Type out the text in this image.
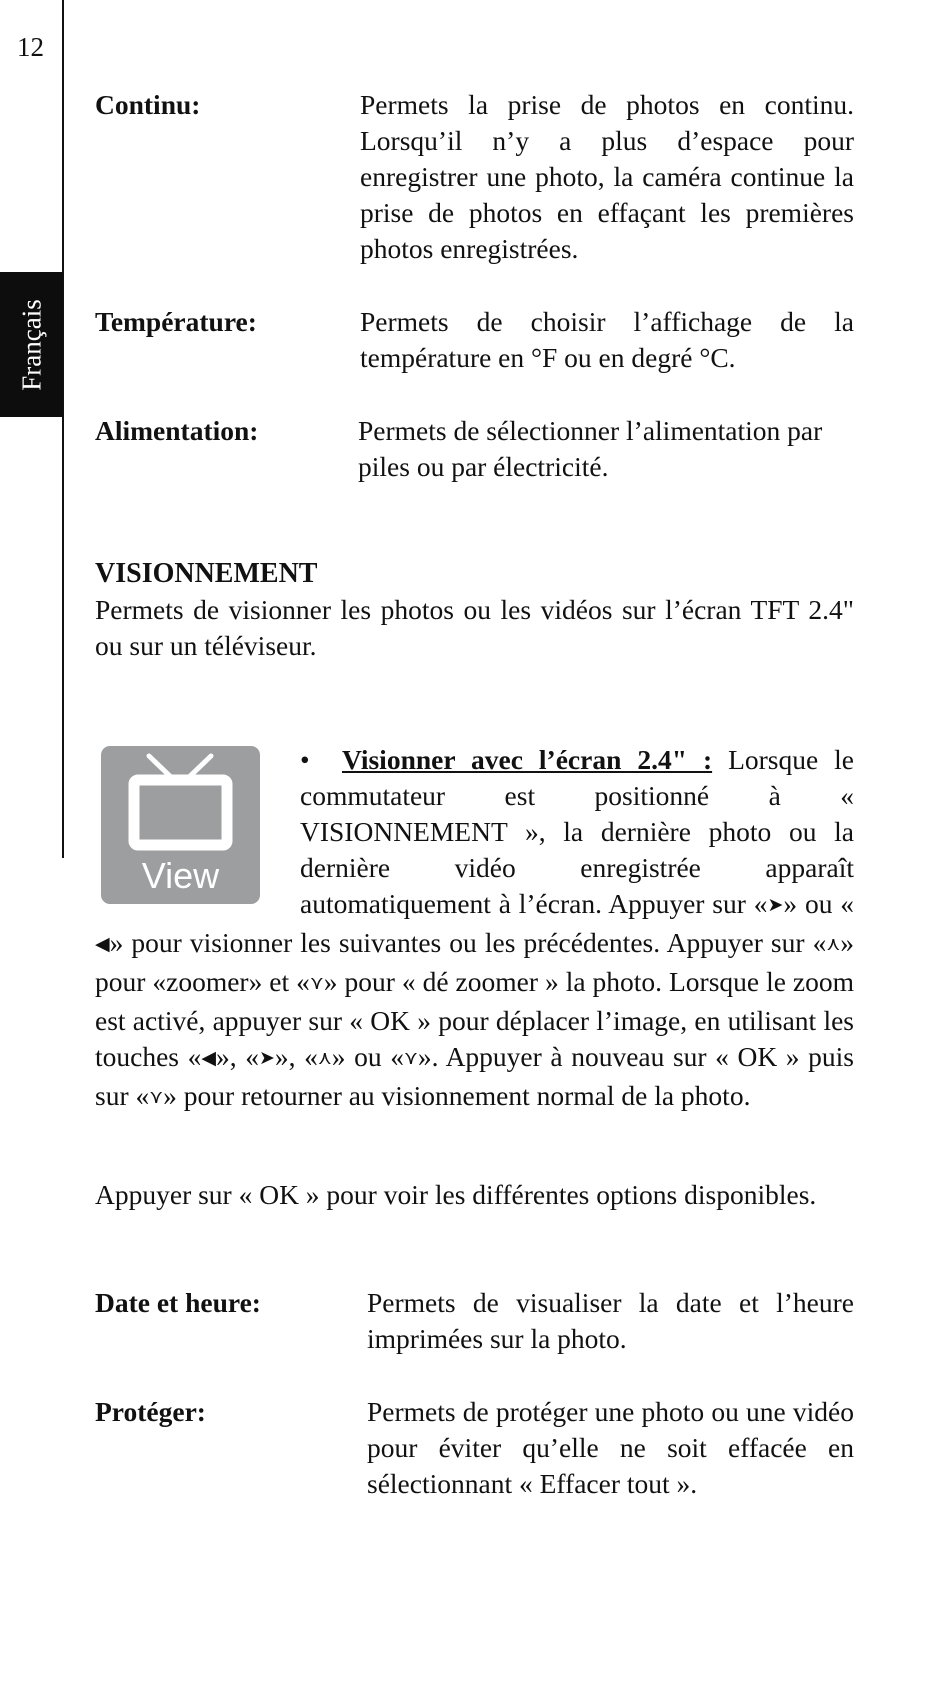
12
Français
Continu:	Permets la prise de photos en continu. Lorsqu’il n’y a plus d’espace pour enregistrer une photo, la caméra continue la prise de photos en effaçant les premières photos enregistrées.
Température:	Permets de choisir l’affichage de la température en °F ou en degré °C.
Alimentation:	Permets de sélectionner l’alimentation par piles ou par électricité.
VISIONNEMENT
Permets de visionner les photos ou les vidéos sur l’écran TFT 2.4" ou sur un téléviseur.
View
• Visionner avec l’écran 2.4" : Lorsque le commutateur est positionné à « VISIONNEMENT », la dernière photo ou la dernière vidéo enregistrée apparaît automatiquement à l’écran. Appuyer sur «➤» ou «◀» pour visionner les suivantes ou les précédentes. Appuyer sur «⋏» pour «zoomer» et «⋎» pour « dé zoomer » la photo. Lorsque le zoom est activé, appuyer sur « OK » pour déplacer l’image, en utilisant les touches «◀», «➤», «⋏» ou «⋎». Appuyer à nouveau sur « OK » puis sur «⋎» pour retourner au visionnement normal de la photo.
Appuyer sur « OK » pour voir les différentes options disponibles.
Date et heure:	Permets de visualiser la date et l’heure imprimées sur la photo.
Protéger:	Permets de protéger une photo ou une vidéo pour éviter qu’elle ne soit effacée en sélectionnant « Effacer tout ».
